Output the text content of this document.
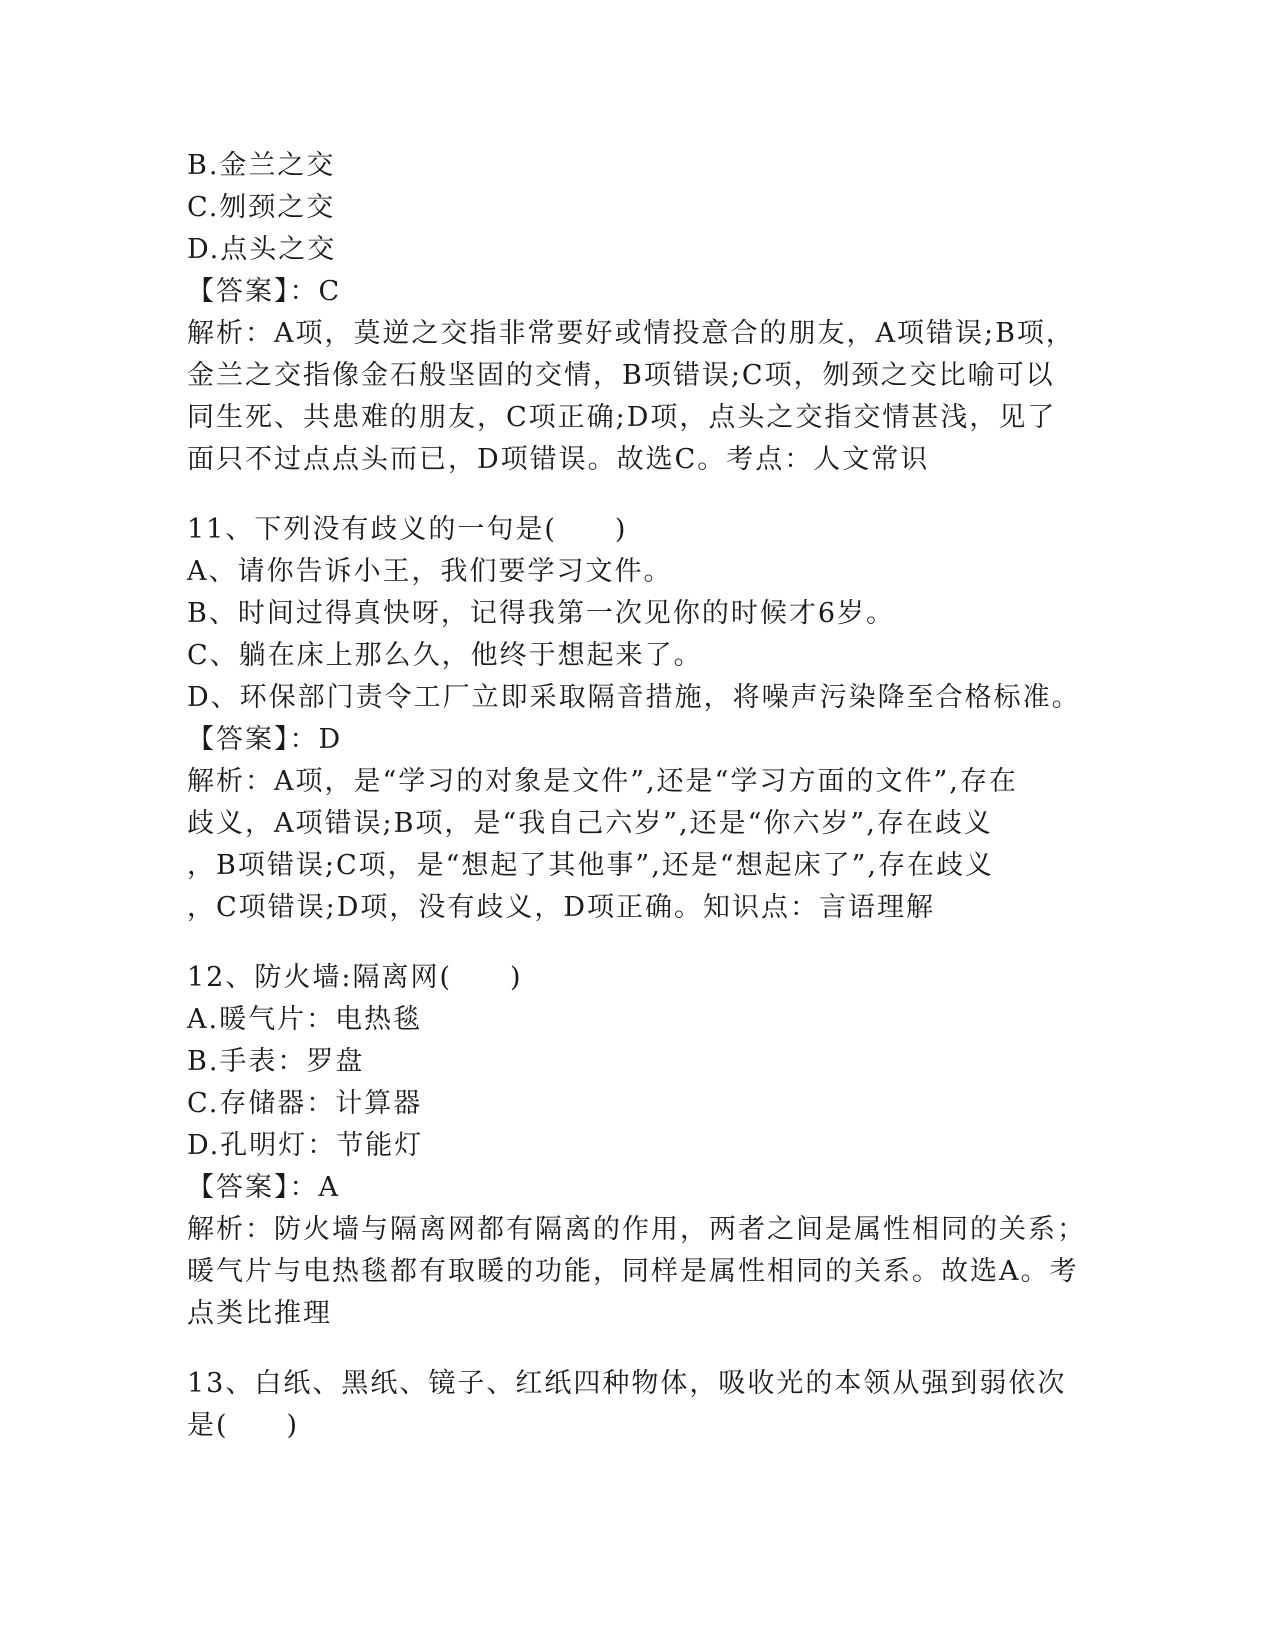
B.金兰之交
C.刎颈之交
D.点头之交
【答案】：C
解析：A项，莫逆之交指非常要好或情投意合的朋友，A项错误;B项，
金兰之交指像金石般坚固的交情，B项错误;C项，刎颈之交比喻可以
同生死、共患难的朋友，C项正确;D项，点头之交指交情甚浅，见了
面只不过点点头而已，D项错误。故选C。考点：人文常识
11、下列没有歧义的一句是(　　)
A、请你告诉小王，我们要学习文件。
B、时间过得真快呀，记得我第一次见你的时候才6岁。
C、躺在床上那么久，他终于想起来了。
D、环保部门责令工厂立即采取隔音措施，将噪声污染降至合格标准。
【答案】：D
解析：A项，是“学习的对象是文件”,还是“学习方面的文件”,存在
歧义，A项错误;B项，是“我自己六岁”,还是“你六岁”,存在歧义
，B项错误;C项，是“想起了其他事”,还是“想起床了”,存在歧义
，C项错误;D项，没有歧义，D项正确。知识点：言语理解
12、防火墙:隔离网(　　)
A.暖气片：电热毯
B.手表：罗盘
C.存储器：计算器
D.孔明灯：节能灯
【答案】：A
解析：防火墙与隔离网都有隔离的作用，两者之间是属性相同的关系；
暖气片与电热毯都有取暖的功能，同样是属性相同的关系。故选A。考
点类比推理
13、白纸、黑纸、镜子、红纸四种物体，吸收光的本领从强到弱依次
是(　　)
